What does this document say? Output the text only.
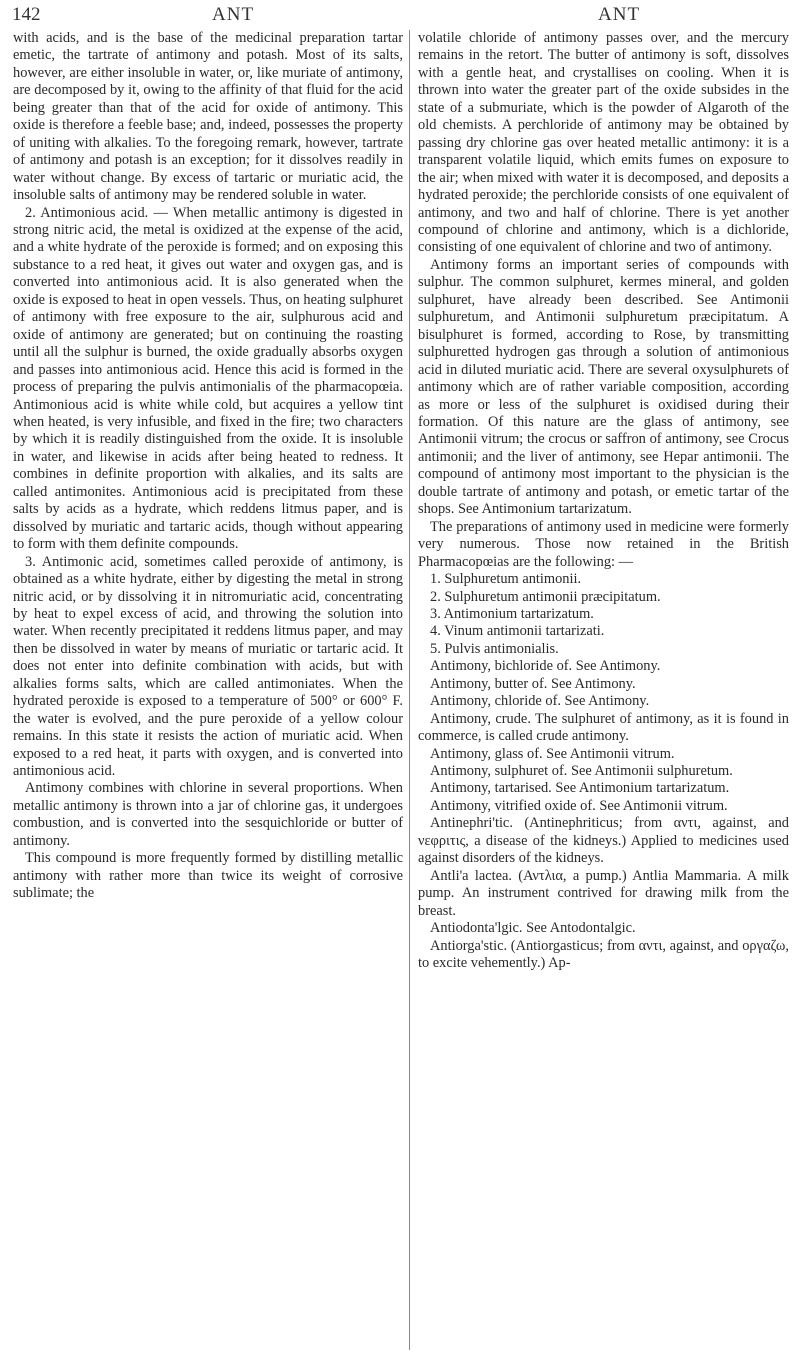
142	ANT	ANT

with acids, and is the base of the medicinal preparation tartar emetic, the tartrate of antimony and potash. Most of its salts, however, are either insoluble in water, or, like muriate of antimony, are decomposed by it, owing to the affinity of that fluid for the acid being greater than that of the acid for oxide of antimony. This oxide is therefore a feeble base; and, indeed, possesses the property of uniting with alkalies. To the foregoing remark, however, tartrate of antimony and potash is an exception; for it dissolves readily in water without change. By excess of tartaric or muriatic acid, the insoluble salts of antimony may be rendered soluble in water.

2. Antimonious acid. — When metallic antimony is digested in strong nitric acid, the metal is oxidized at the expense of the acid, and a white hydrate of the peroxide is formed; and on exposing this substance to a red heat, it gives out water and oxygen gas, and is converted into antimonious acid. It is also generated when the oxide is exposed to heat in open vessels. Thus, on heating sulphuret of antimony with free exposure to the air, sulphurous acid and oxide of antimony are generated; but on continuing the roasting until all the sulphur is burned, the oxide gradually absorbs oxygen and passes into antimonious acid. Hence this acid is formed in the process of preparing the pulvis antimonialis of the pharmacopœia. Antimonious acid is white while cold, but acquires a yellow tint when heated, is very infusible, and fixed in the fire; two characters by which it is readily distinguished from the oxide. It is insoluble in water, and likewise in acids after being heated to redness. It combines in definite proportion with alkalies, and its salts are called antimonites. Antimonious acid is precipitated from these salts by acids as a hydrate, which reddens litmus paper, and is dissolved by muriatic and tartaric acids, though without appearing to form with them definite compounds.

3. Antimonic acid, sometimes called peroxide of antimony, is obtained as a white hydrate, either by digesting the metal in strong nitric acid, or by dissolving it in nitromuriatic acid, concentrating by heat to expel excess of acid, and throwing the solution into water. When recently precipitated it reddens litmus paper, and may then be dissolved in water by means of muriatic or tartaric acid. It does not enter into definite combination with acids, but with alkalies forms salts, which are called antimoniates. When the hydrated peroxide is exposed to a temperature of 500° or 600° F. the water is evolved, and the pure peroxide of a yellow colour remains. In this state it resists the action of muriatic acid. When exposed to a red heat, it parts with oxygen, and is converted into antimonious acid.

Antimony combines with chlorine in several proportions. When metallic antimony is thrown into a jar of chlorine gas, it undergoes combustion, and is converted into the sesquichloride or butter of antimony.

This compound is more frequently formed by distilling metallic antimony with rather more than twice its weight of corrosive sublimate; the

volatile chloride of antimony passes over, and the mercury remains in the retort. The butter of antimony is soft, dissolves with a gentle heat, and crystallises on cooling. When it is thrown into water the greater part of the oxide subsides in the state of a submuriate, which is the powder of Algaroth of the old chemists. A perchloride of antimony may be obtained by passing dry chlorine gas over heated metallic antimony: it is a transparent volatile liquid, which emits fumes on exposure to the air; when mixed with water it is decomposed, and deposits a hydrated peroxide; the perchloride consists of one equivalent of antimony, and two and half of chlorine. There is yet another compound of chlorine and antimony, which is a dichloride, consisting of one equivalent of chlorine and two of antimony.

Antimony forms an important series of compounds with sulphur. The common sulphuret, kermes mineral, and golden sulphuret, have already been described. See Antimonii sulphuretum, and Antimonii sulphuretum præcipitatum. A bisulphuret is formed, according to Rose, by transmitting sulphuretted hydrogen gas through a solution of antimonious acid in diluted muriatic acid. There are several oxysulphurets of antimony which are of rather variable composition, according as more or less of the sulphuret is oxidised during their formation. Of this nature are the glass of antimony, see Antimonii vitrum; the crocus or saffron of antimony, see Crocus antimonii; and the liver of antimony, see Hepar antimonii. The compound of antimony most important to the physician is the double tartrate of antimony and potash, or emetic tartar of the shops. See Antimonium tartarizatum.

The preparations of antimony used in medicine were formerly very numerous. Those now retained in the British Pharmacopœias are the following: —

1. Sulphuretum antimonii.

2. Sulphuretum antimonii præcipitatum.

3. Antimonium tartarizatum.

4. Vinum antimonii tartarizati.

5. Pulvis antimonialis.

Antimony, bichloride of. See Antimony.

Antimony, butter of. See Antimony.

Antimony, chloride of. See Antimony.

Antimony, crude. The sulphuret of antimony, as it is found in commerce, is called crude antimony.

Antimony, glass of. See Antimonii vitrum.

Antimony, sulphuret of. See Antimonii sulphuretum.

Antimony, tartarised. See Antimonium tartarizatum.

Antimony, vitrified oxide of. See Antimonii vitrum.

Antinephri'tic. (Antinephriticus; from αντι, against, and νεφριτις, a disease of the kidneys.) Applied to medicines used against disorders of the kidneys.

Antli'a lactea. (Αντλια, a pump.) Antlia Mammaria. A milk pump. An instrument contrived for drawing milk from the breast.

Antiodonta'lgic. See Antodontalgic.

Antiorga'stic. (Antiorgasticus; from αντι, against, and οργαζω, to excite vehemently.) Ap-
